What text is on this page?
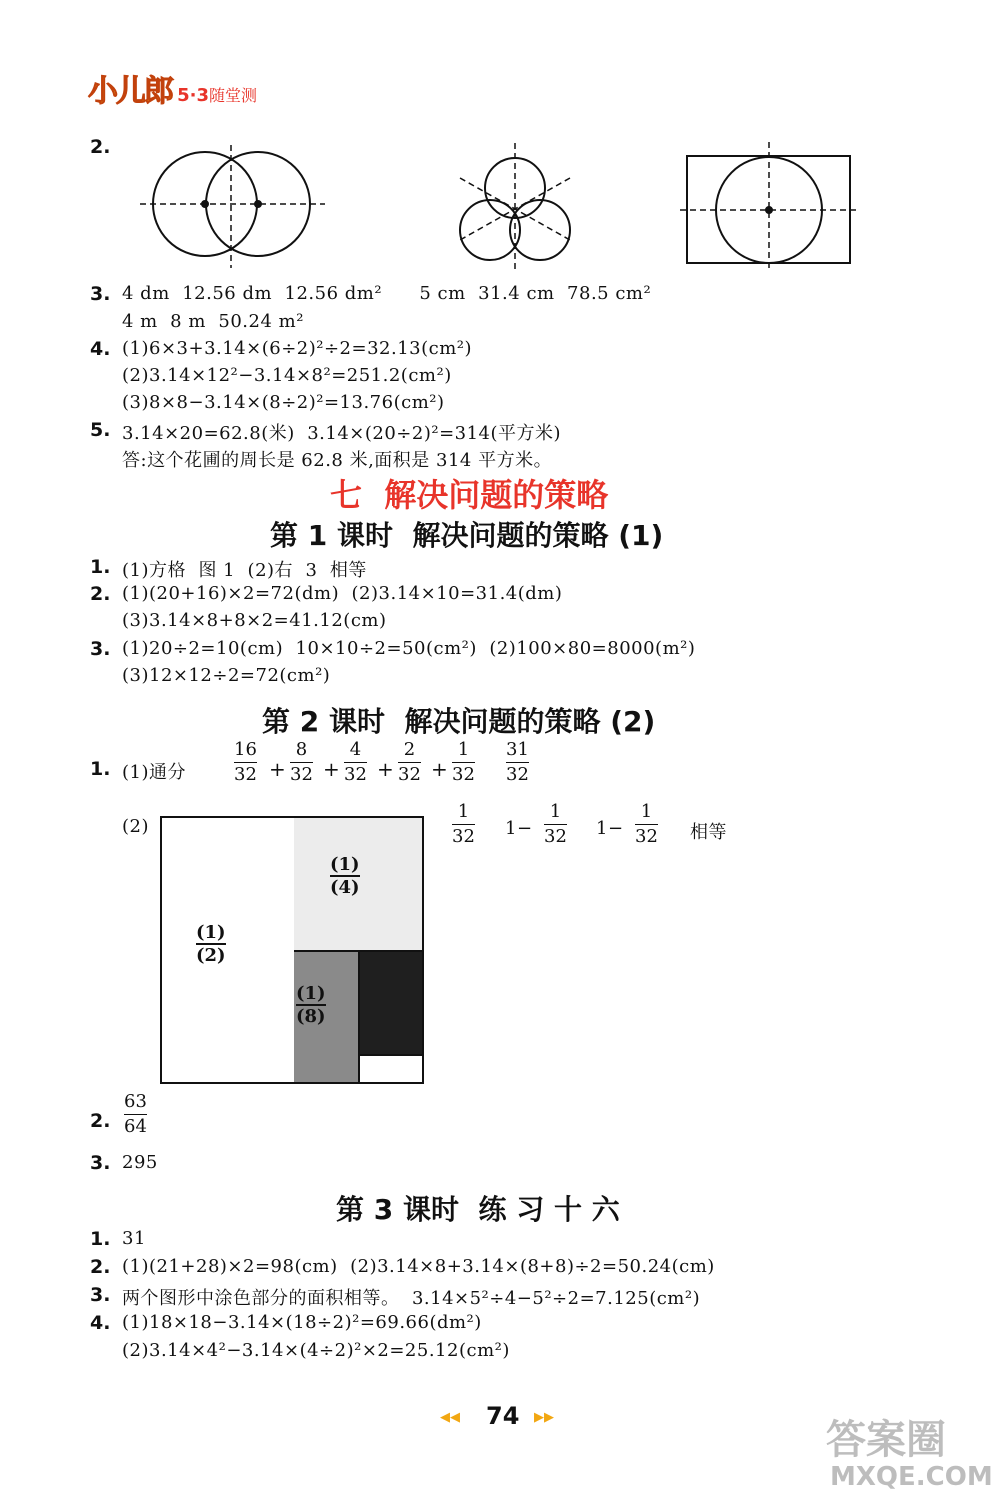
小儿郎 5·3随堂测
2.
3. 4 dm  12.56 dm  12.56 dm²      5 cm  31.4 cm  78.5 cm²
4 m  8 m  50.24 m²
4. (1)6×3+3.14×(6÷2)²÷2=32.13(cm²)
(2)3.14×12²−3.14×8²=251.2(cm²)
(3)8×8−3.14×(8÷2)²=13.76(cm²)
5. 3.14×20=62.8(米)  3.14×(20÷2)²=314(平方米)
答:这个花圃的周长是 62.8 米,面积是 314 平方米。
七  解决问题的策略
第 1 课时  解决问题的策略 (1)
1. (1)方格  图 1  (2)右  3  相等
2. (1)(20+16)×2=72(dm)  (2)3.14×10=31.4(dm)
(3)3.14×8+8×2=41.12(cm)
3. (1)20÷2=10(cm)  10×10÷2=50(cm²)  (2)100×80=8000(m²)
(3)12×12÷2=72(cm²)
第 2 课时  解决问题的策略 (2)
1. (1)通分
16
32 +
8
32 +
4
32 +
2
32 +
1
32
31
32
(2)
(1)
(2)
(1)
(4)
(1)
(8)
1
32 1−
1
32 1−
1
32 相等
2.
63
64
3. 295
第 3 课时  练 习 十 六
1. 31
2. (1)(21+28)×2=98(cm)  (2)3.14×8+3.14×(8+8)÷2=50.24(cm)
3. 两个图形中涂色部分的面积相等。  3.14×5²÷4−5²÷2=7.125(cm²)
4. (1)18×18−3.14×(18÷2)²=69.66(dm²)
(2)3.14×4²−3.14×(4÷2)²×2=25.12(cm²)
◀◀ 74 ▶▶	答案圈
MXQE.COM
